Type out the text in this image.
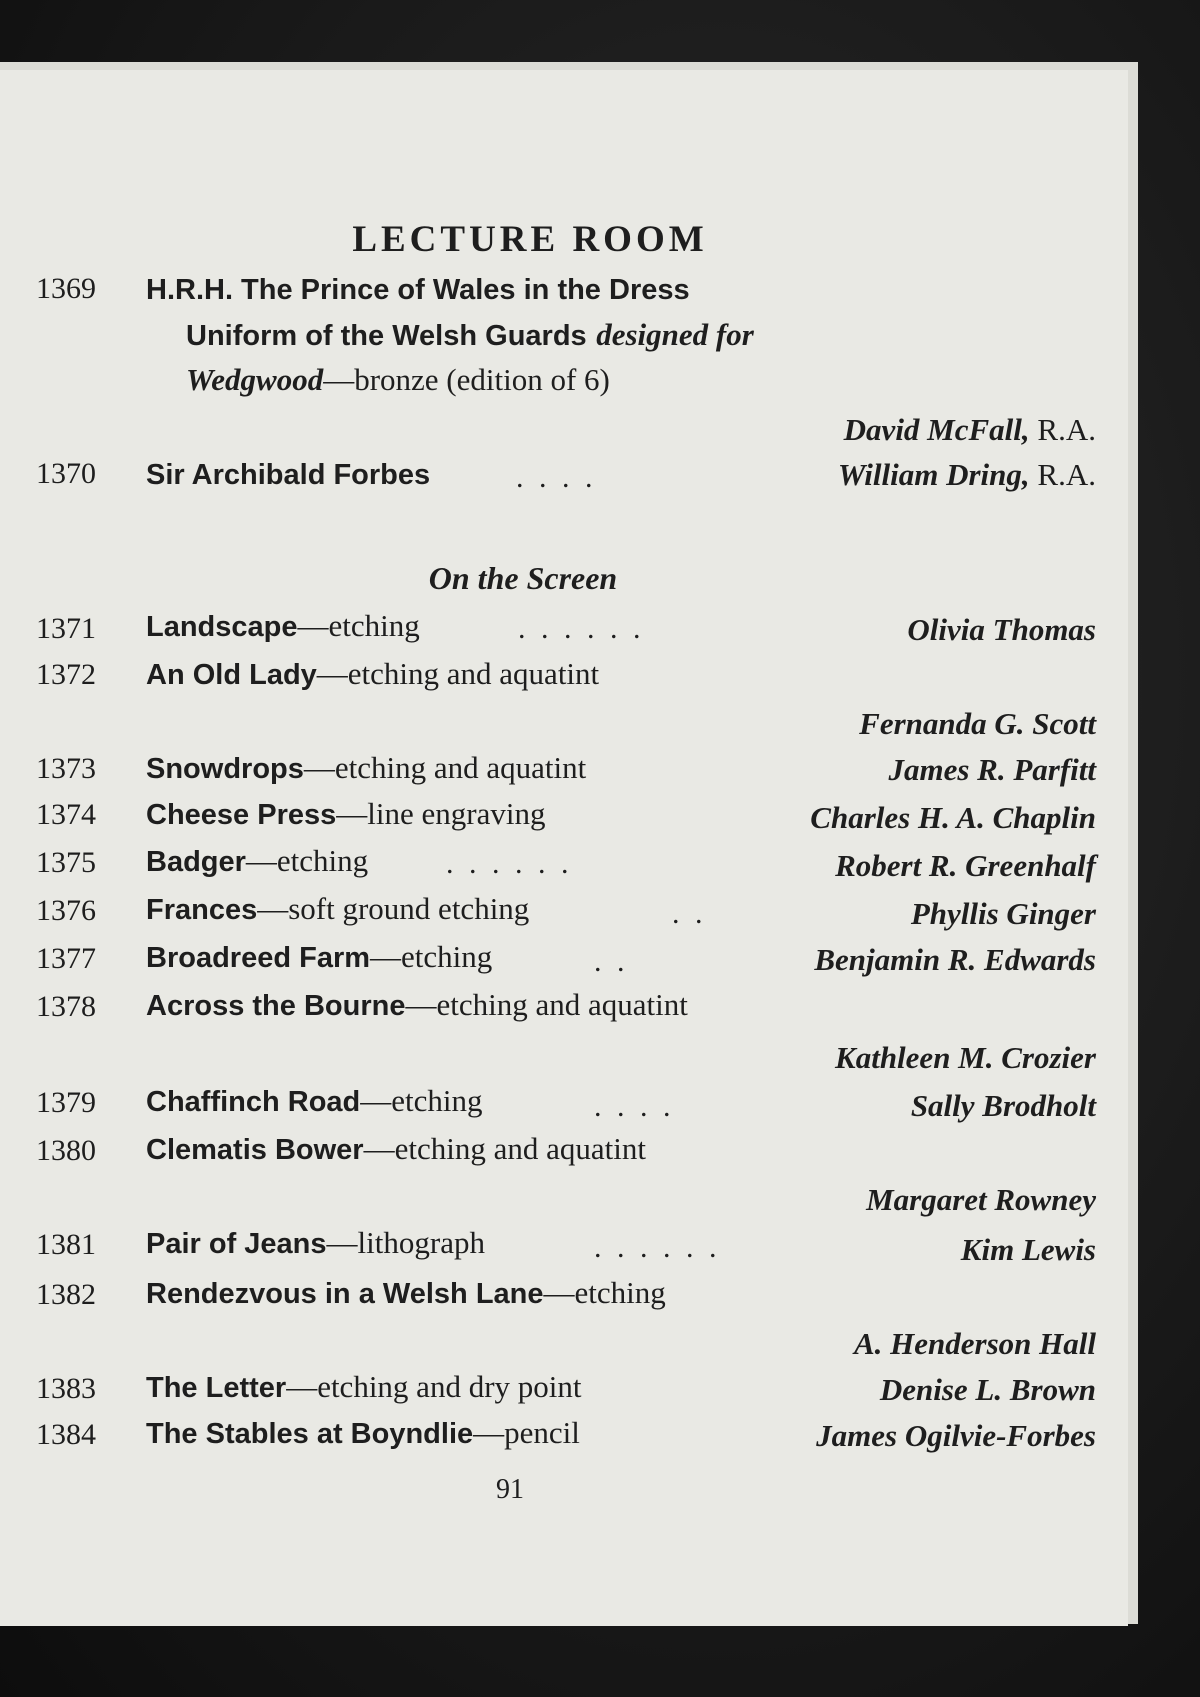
LECTURE ROOM
1369	H.R.H. The Prince of Wales in the Dress
Uniform of the Welsh Guards designed for
Wedgwood—bronze (edition of 6)
David McFall, R.A.
1370	Sir Archibald Forbes	. . . .	William Dring, R.A.
On the Screen
1371	Landscape—etching	. . . . . .	Olivia Thomas
1372	An Old Lady—etching and aquatint
Fernanda G. Scott
1373	Snowdrops—etching and aquatint	James R. Parfitt
1374	Cheese Press—line engraving	Charles H. A. Chaplin
1375	Badger—etching	. . . . . .	Robert R. Greenhalf
1376	Frances—soft ground etching	. .	Phyllis Ginger
1377	Broadreed Farm—etching	. .	Benjamin R. Edwards
1378	Across the Bourne—etching and aquatint
Kathleen M. Crozier
1379	Chaffinch Road—etching	. . . .	Sally Brodholt
1380	Clematis Bower—etching and aquatint
Margaret Rowney
1381	Pair of Jeans—lithograph	. . . . . .	Kim Lewis
1382	Rendezvous in a Welsh Lane—etching
A. Henderson Hall
1383	The Letter—etching and dry point	Denise L. Brown
1384	The Stables at Boyndlie—pencil	James Ogilvie-Forbes
91
